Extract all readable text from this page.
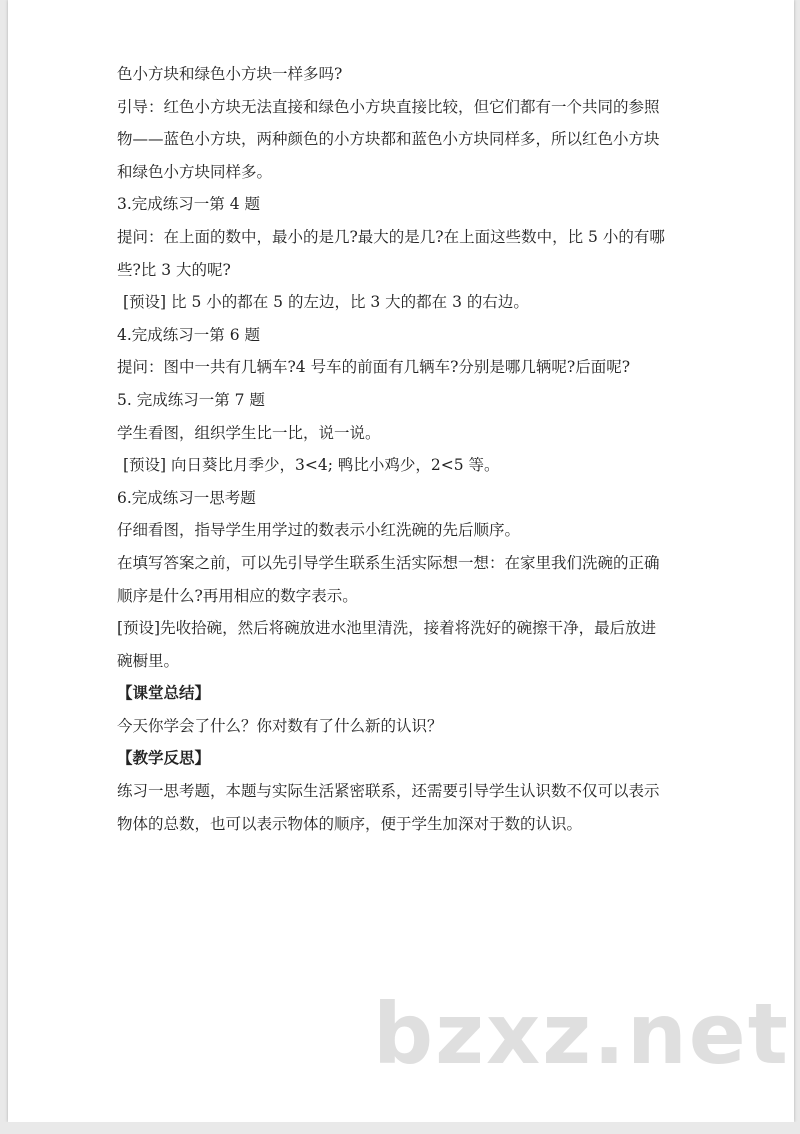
色小方块和绿色小方块一样多吗?
引导：红色小方块无法直接和绿色小方块直接比较，但它们都有一个共同的参照
物——蓝色小方块，两种颜色的小方块都和蓝色小方块同样多，所以红色小方块
和绿色小方块同样多。
3.完成练习一第 4 题
提问：在上面的数中，最小的是几?最大的是几?在上面这些数中，比 5 小的有哪
些?比 3 大的呢?
[预设] 比 5 小的都在 5 的左边，比 3 大的都在 3 的右边。
4.完成练习一第 6 题
提问：图中一共有几辆车?4 号车的前面有几辆车?分别是哪几辆呢?后面呢?
5. 完成练习一第 7 题
学生看图，组织学生比一比，说一说。
[预设] 向日葵比月季少，3<4; 鸭比小鸡少，2<5 等。
6.完成练习一思考题
仔细看图，指导学生用学过的数表示小红洗碗的先后顺序。
在填写答案之前，可以先引导学生联系生活实际想一想：在家里我们洗碗的正确
顺序是什么?再用相应的数字表示。
[预设]先收拾碗，然后将碗放进水池里清洗，接着将洗好的碗擦干净，最后放进
碗橱里。
【课堂总结】
今天你学会了什么？你对数有了什么新的认识？
【教学反思】
练习一思考题，本题与实际生活紧密联系，还需要引导学生认识数不仅可以表示
物体的总数，也可以表示物体的顺序，便于学生加深对于数的认识。
bzxz.net
